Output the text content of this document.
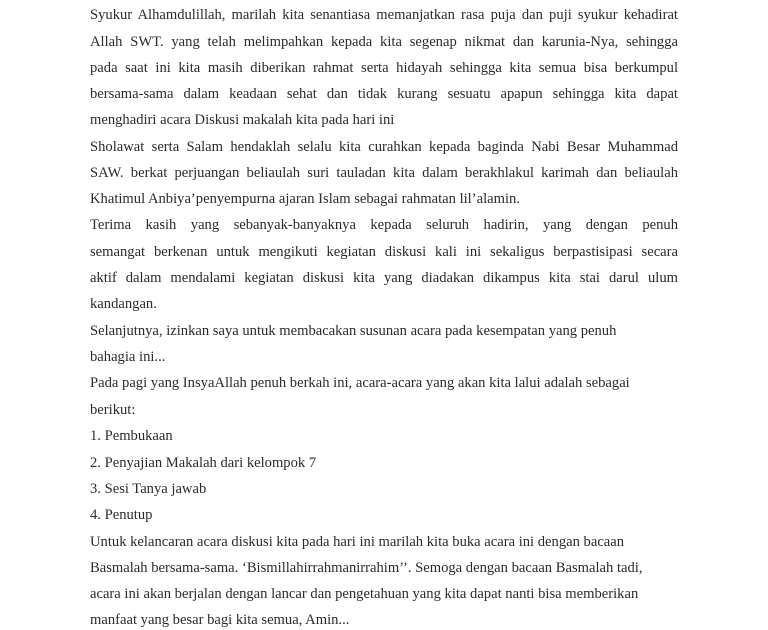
Syukur Alhamdulillah, marilah kita senantiasa memanjatkan rasa puja dan puji syukur kehadirat
Allah SWT. yang telah melimpahkan kepada kita segenap nikmat dan karunia-Nya, sehingga
pada saat ini kita masih diberikan rahmat serta hidayah sehingga kita semua bisa berkumpul
bersama-sama dalam keadaan sehat dan tidak kurang sesuatu apapun sehingga kita dapat
menghadiri acara Diskusi makalah kita pada hari ini
Sholawat serta Salam hendaklah selalu kita curahkan kepada baginda Nabi Besar Muhammad
SAW. berkat perjuangan beliaulah suri tauladan kita dalam berakhlakul karimah dan beliaulah
Khatimul Anbiya’penyempurna ajaran Islam sebagai rahmatan lil’alamin.
Terima kasih yang sebanyak-banyaknya kepada seluruh hadirin, yang dengan penuh
semangat berkenan untuk mengikuti kegiatan diskusi kali ini sekaligus berpastisipasi secara
aktif dalam mendalami kegiatan diskusi kita yang diadakan dikampus kita stai darul ulum
kandangan.
Selanjutnya, izinkan saya untuk membacakan susunan acara pada kesempatan yang penuh
bahagia ini...
Pada pagi yang InsyaAllah penuh berkah ini, acara-acara yang akan kita lalui adalah sebagai
berikut:
1. Pembukaan
2. Penyajian Makalah dari kelompok 7
3. Sesi Tanya jawab
4. Penutup
Untuk kelancaran acara diskusi kita pada hari ini marilah kita buka acara ini dengan bacaan
Basmalah bersama-sama. ‘Bismillahirrahmanirrahim’’. Semoga dengan bacaan Basmalah tadi,
acara ini akan berjalan dengan lancar dan pengetahuan yang kita dapat nanti bisa memberikan
manfaat yang besar bagi kita semua, Amin...
